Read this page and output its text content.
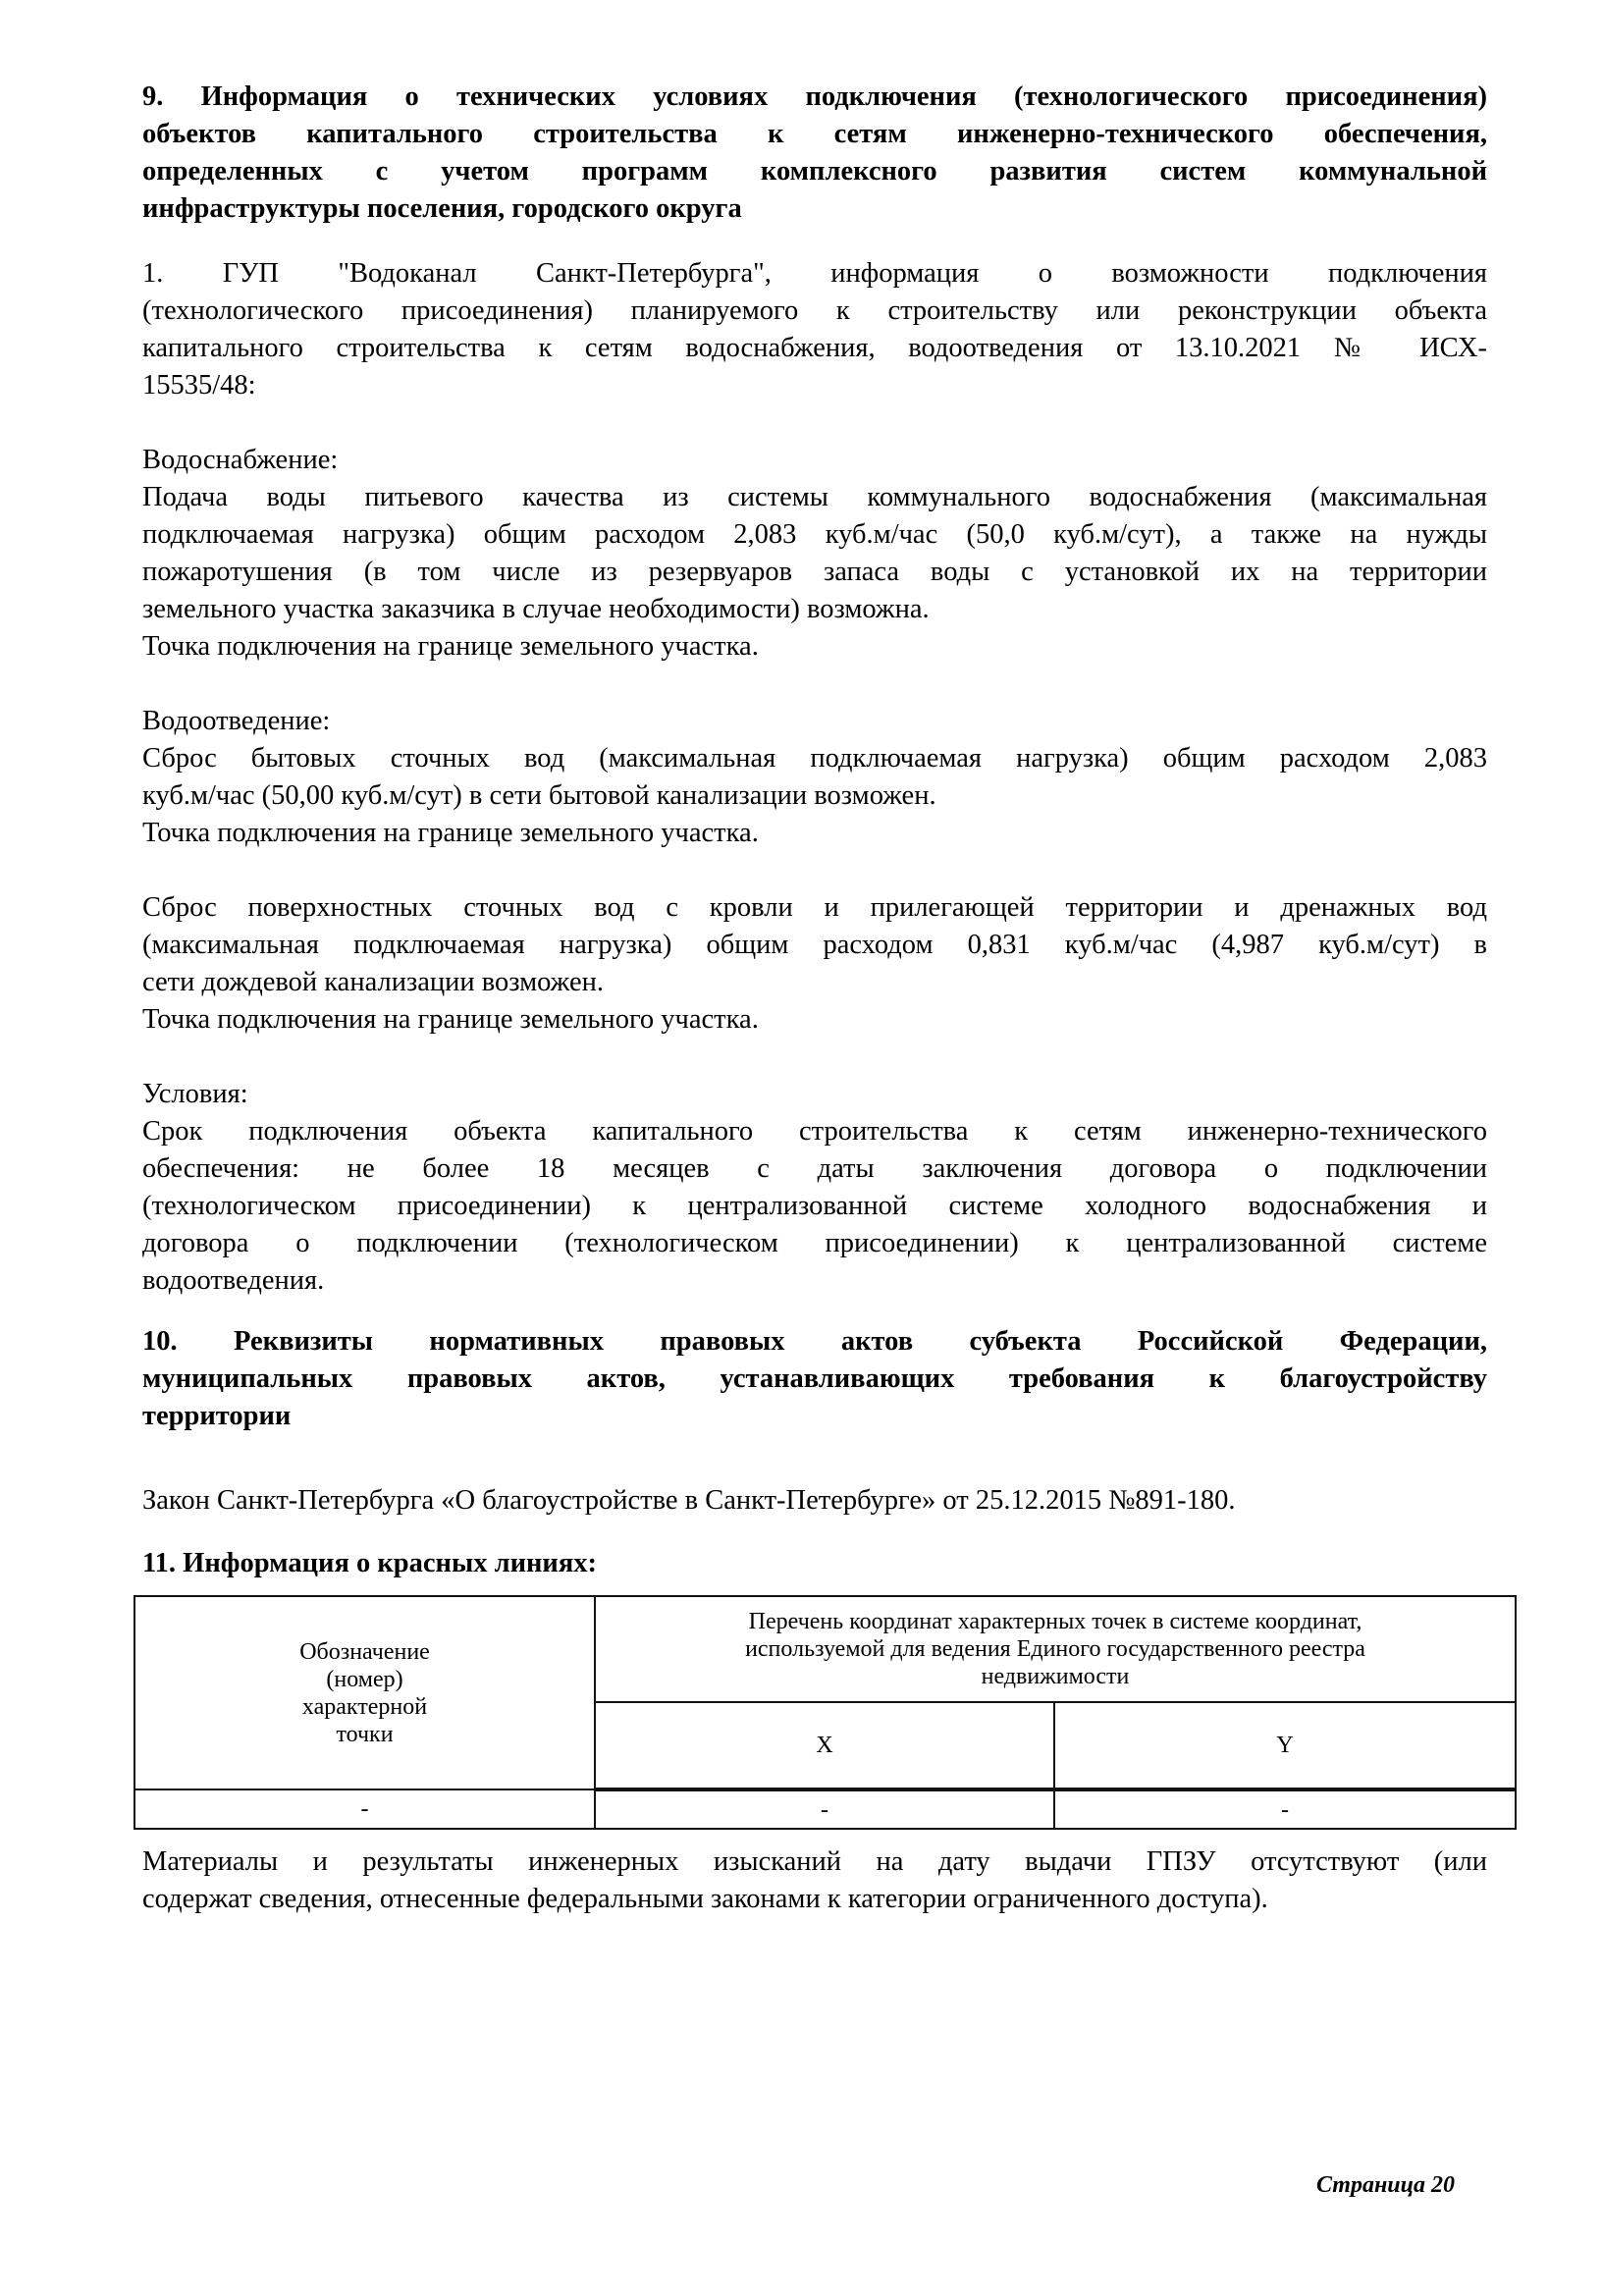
9. Информация о технических условиях подключения (технологического присоединения)
объектов капитального строительства к сетям инженерно-технического обеспечения,
определенных с учетом программ комплексного развития систем коммунальной
инфраструктуры поселения, городского округа
1. ГУП "Водоканал Санкт-Петербурга", информация о возможности подключения
(технологического присоединения) планируемого к строительству или реконструкции объекта
капитального строительства к сетям водоснабжения, водоотведения от 13.10.2021 № ИСХ-
15535/48:
Водоснабжение:
Подача воды питьевого качества из системы коммунального водоснабжения (максимальная
подключаемая нагрузка) общим расходом 2,083 куб.м/час (50,0 куб.м/сут), а также на нужды
пожаротушения (в том числе из резервуаров запаса воды с установкой их на территории
земельного участка заказчика в случае необходимости) возможна.
Точка подключения на границе земельного участка.
Водоотведение:
Сброс бытовых сточных вод (максимальная подключаемая нагрузка) общим расходом 2,083
куб.м/час (50,00 куб.м/сут) в сети бытовой канализации возможен.
Точка подключения на границе земельного участка.
Сброс поверхностных сточных вод с кровли и прилегающей территории и дренажных вод
(максимальная подключаемая нагрузка) общим расходом 0,831 куб.м/час (4,987 куб.м/сут) в
сети дождевой канализации возможен.
Точка подключения на границе земельного участка.
Условия:
Срок подключения объекта капитального строительства к сетям инженерно-технического
обеспечения: не более 18 месяцев с даты заключения договора о подключении
(технологическом присоединении) к централизованной системе холодного водоснабжения и
договора о подключении (технологическом присоединении) к централизованной системе
водоотведения.
10. Реквизиты нормативных правовых актов субъекта Российской Федерации,
муниципальных правовых актов, устанавливающих требования к благоустройству
территории
Закон Санкт-Петербурга «О благоустройстве в Санкт-Петербурге» от 25.12.2015 №891-180.
11. Информация о красных линиях:
Обозначение
(номер)
характерной
точки

Перечень координат характерных точек в системе координат,
используемой для ведения Единого государственного реестра
недвижимости

	X	Y
-	-	-
Материалы и результаты инженерных изысканий на дату выдачи ГПЗУ отсутствуют (или
содержат сведения, отнесенные федеральными законами к категории ограниченного доступа).
Страница 20
